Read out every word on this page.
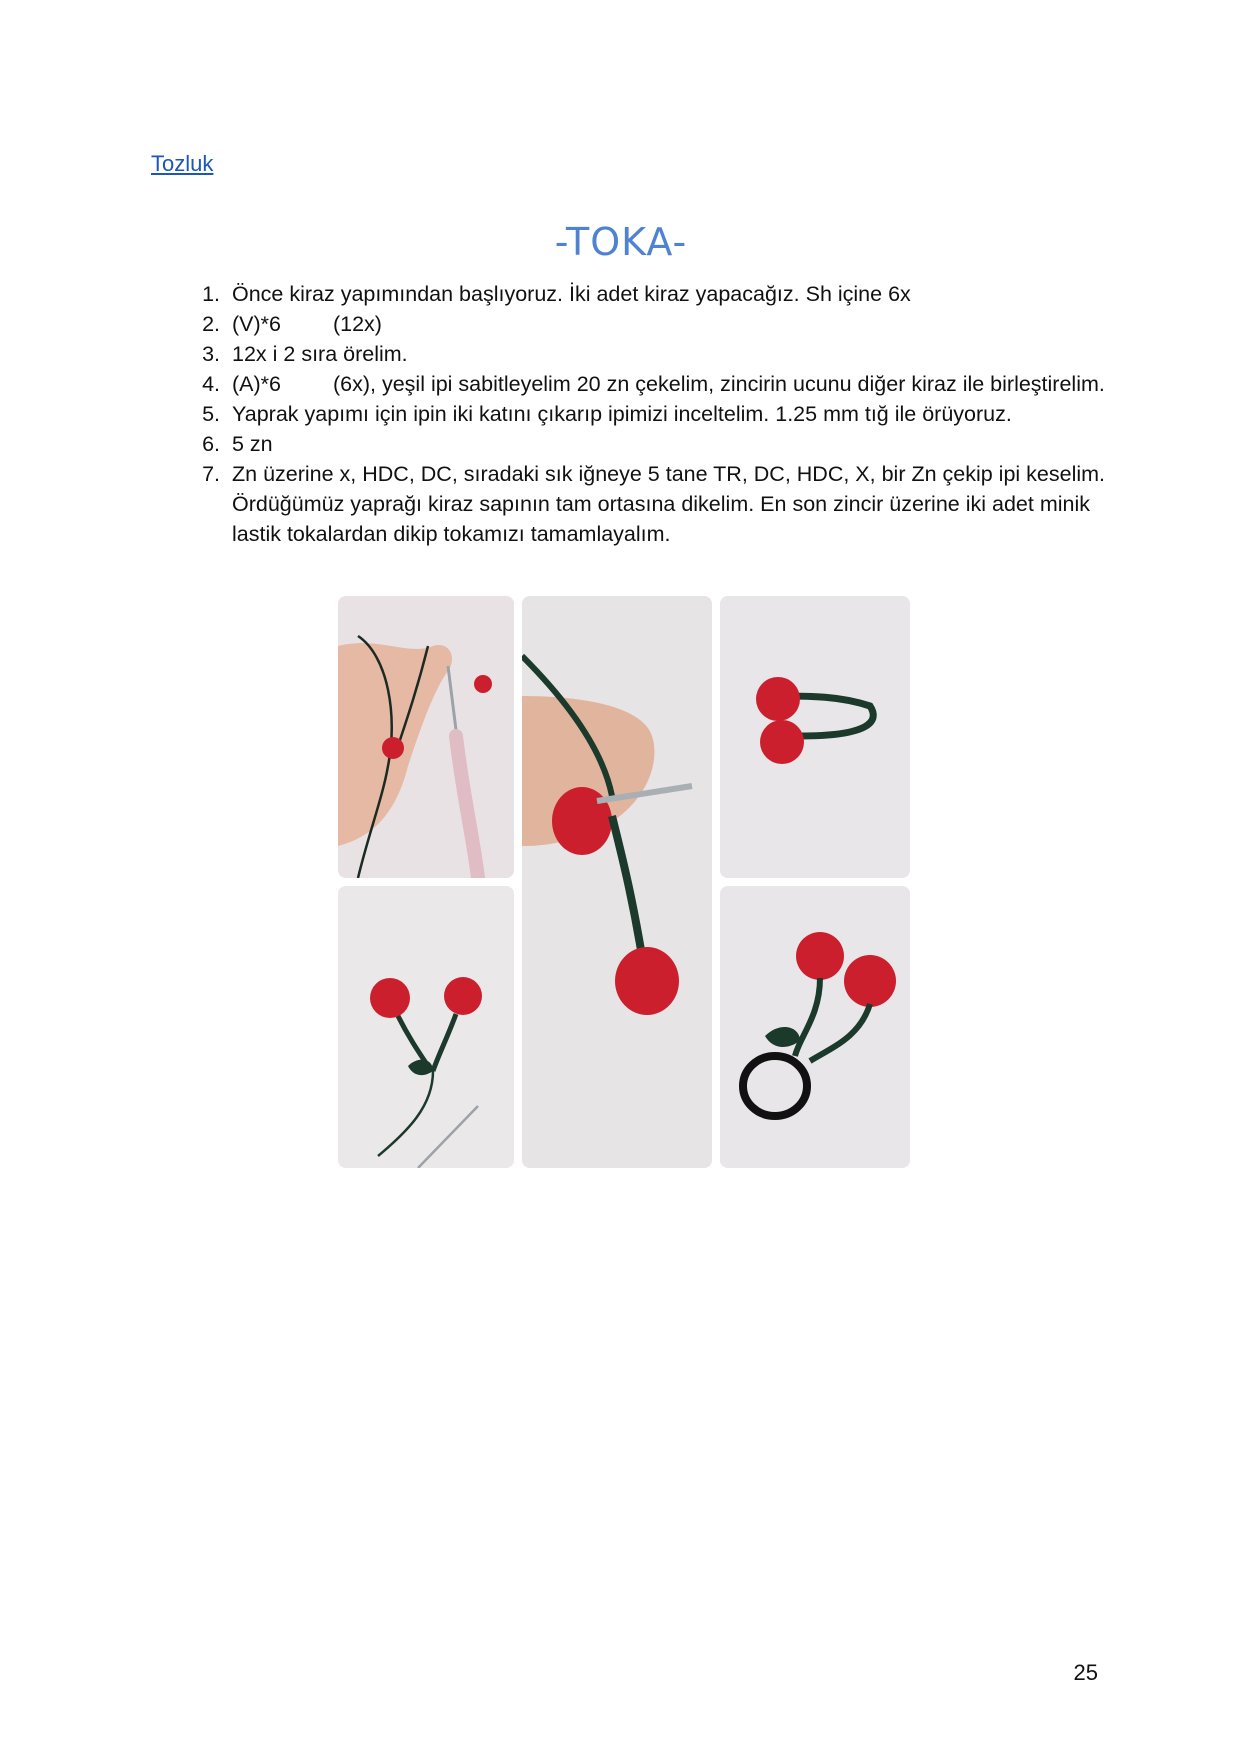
Tozluk
-TOKA-
1. Önce kiraz yapımından başlıyoruz. İki adet kiraz yapacağız. Sh içine 6x
2. (V)*6 (12x)
3. 12x i 2 sıra örelim.
4. (A)*6 (6x), yeşil ipi sabitleyelim 20 zn çekelim, zincirin ucunu diğer kiraz ile birleştirelim.
5. Yaprak yapımı için ipin iki katını çıkarıp ipimizi inceltelim. 1.25 mm tığ ile örüyoruz.
6. 5 zn
7. Zn üzerine x, HDC, DC, sıradaki sık iğneye 5 tane TR, DC, HDC, X, bir Zn çekip ipi keselim. Ördüğümüz yaprağı kiraz sapının tam ortasına dikelim. En son zincir üzerine iki adet minik lastik tokalardan dikip tokamızı tamamlayalım.
25
